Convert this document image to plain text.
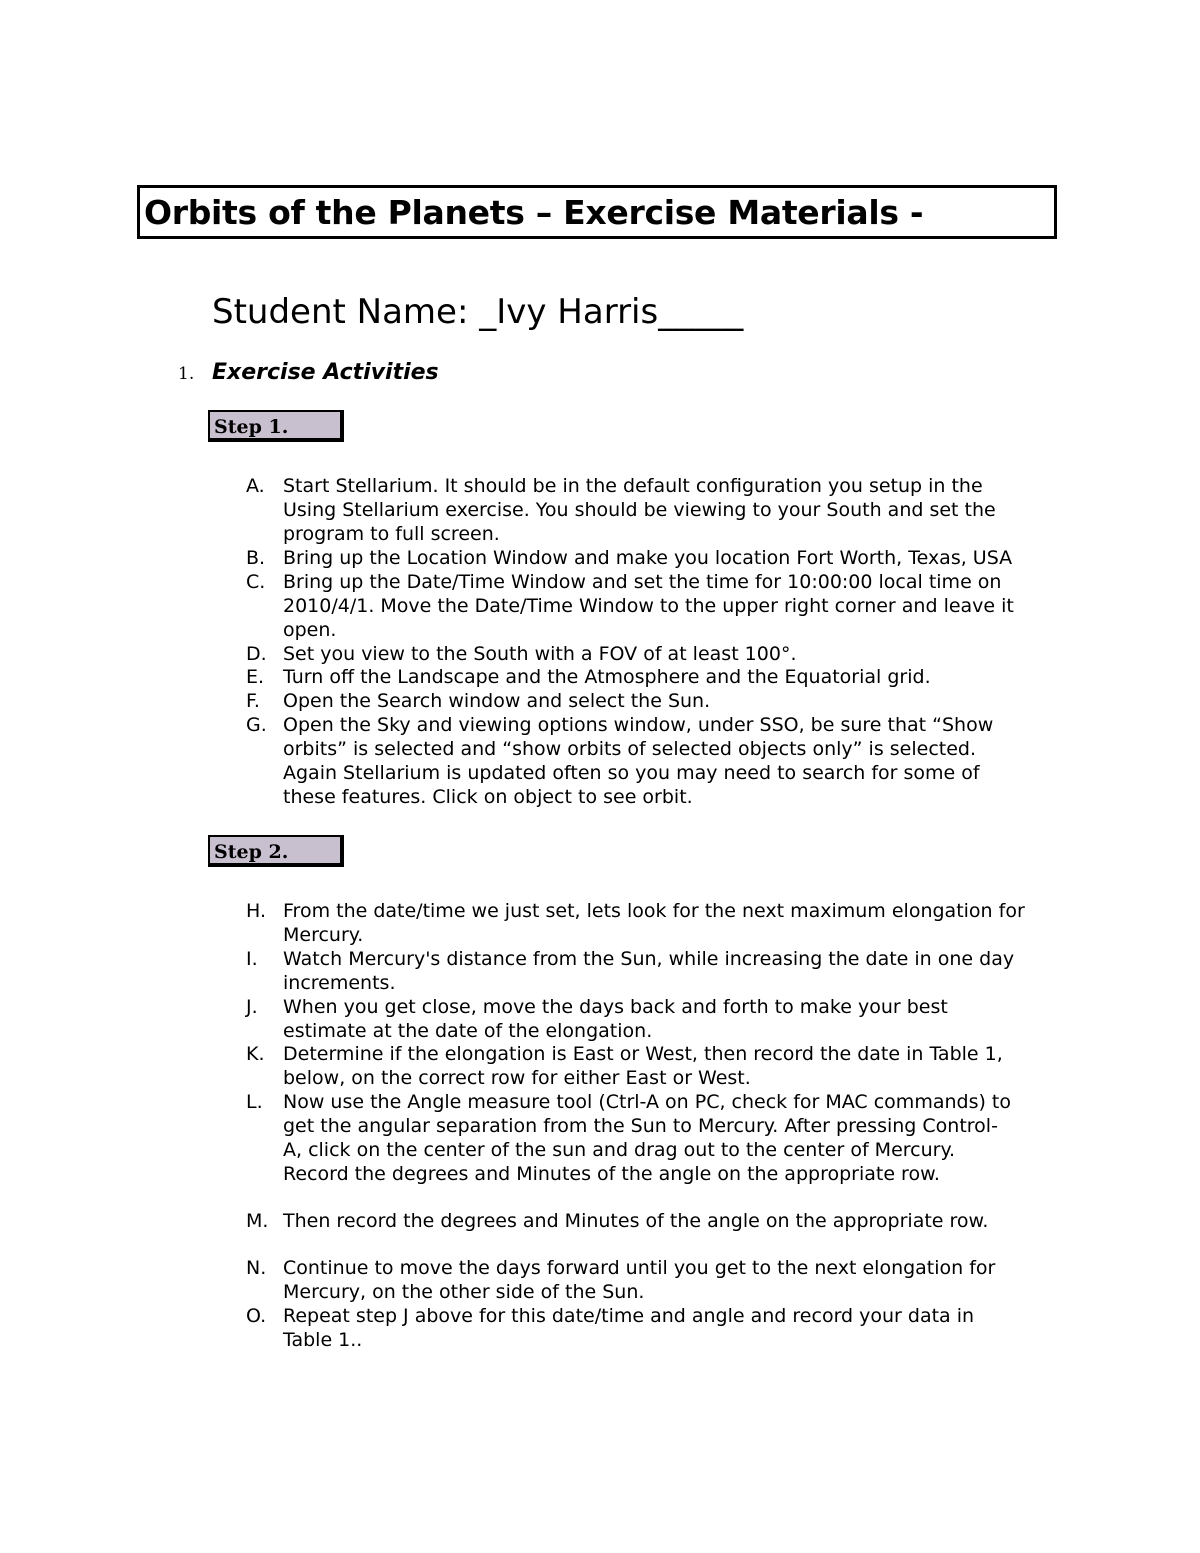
Orbits of the Planets – Exercise Materials -
Student Name: _Ivy Harris_____
1. Exercise Activities
Step 1.
A. Start Stellarium. It should be in the default configuration you setup in the
Using Stellarium exercise. You should be viewing to your South and set the
program to full screen.
B. Bring up the Location Window and make you location Fort Worth, Texas, USA
C. Bring up the Date/Time Window and set the time for 10:00:00 local time on
2010/4/1. Move the Date/Time Window to the upper right corner and leave it
open.
D. Set you view to the South with a FOV of at least 100°.
E. Turn off the Landscape and the Atmosphere and the Equatorial grid.
F.	Open the Search window and select the Sun.
G. Open the Sky and viewing options window, under SSO, be sure that “Show
orbits” is selected and “show orbits of selected objects only” is selected.
Again Stellarium is updated often so you may need to search for some of
these features. Click on object to see orbit.
Step 2.
H. From the date/time we just set, lets look for the next maximum elongation for
Mercury.
I.	Watch Mercury's distance from the Sun, while increasing the date in one day
increments.
J.	When you get close, move the days back and forth to make your best
estimate at the date of the elongation.
K. Determine if the elongation is East or West, then record the date in Table 1,
below, on the correct row for either East or West.
L.	Now use the Angle measure tool (Ctrl-A on PC, check for MAC commands) to
get the angular separation from the Sun to Mercury. After pressing Control-
A, click on the center of the sun and drag out to the center of Mercury.
Record the degrees and Minutes of the angle on the appropriate row.
M. Then record the degrees and Minutes of the angle on the appropriate row.
N. Continue to move the days forward until you get to the next elongation for
Mercury, on the other side of the Sun.
O. Repeat step J above for this date/time and angle and record your data in
Table 1..
